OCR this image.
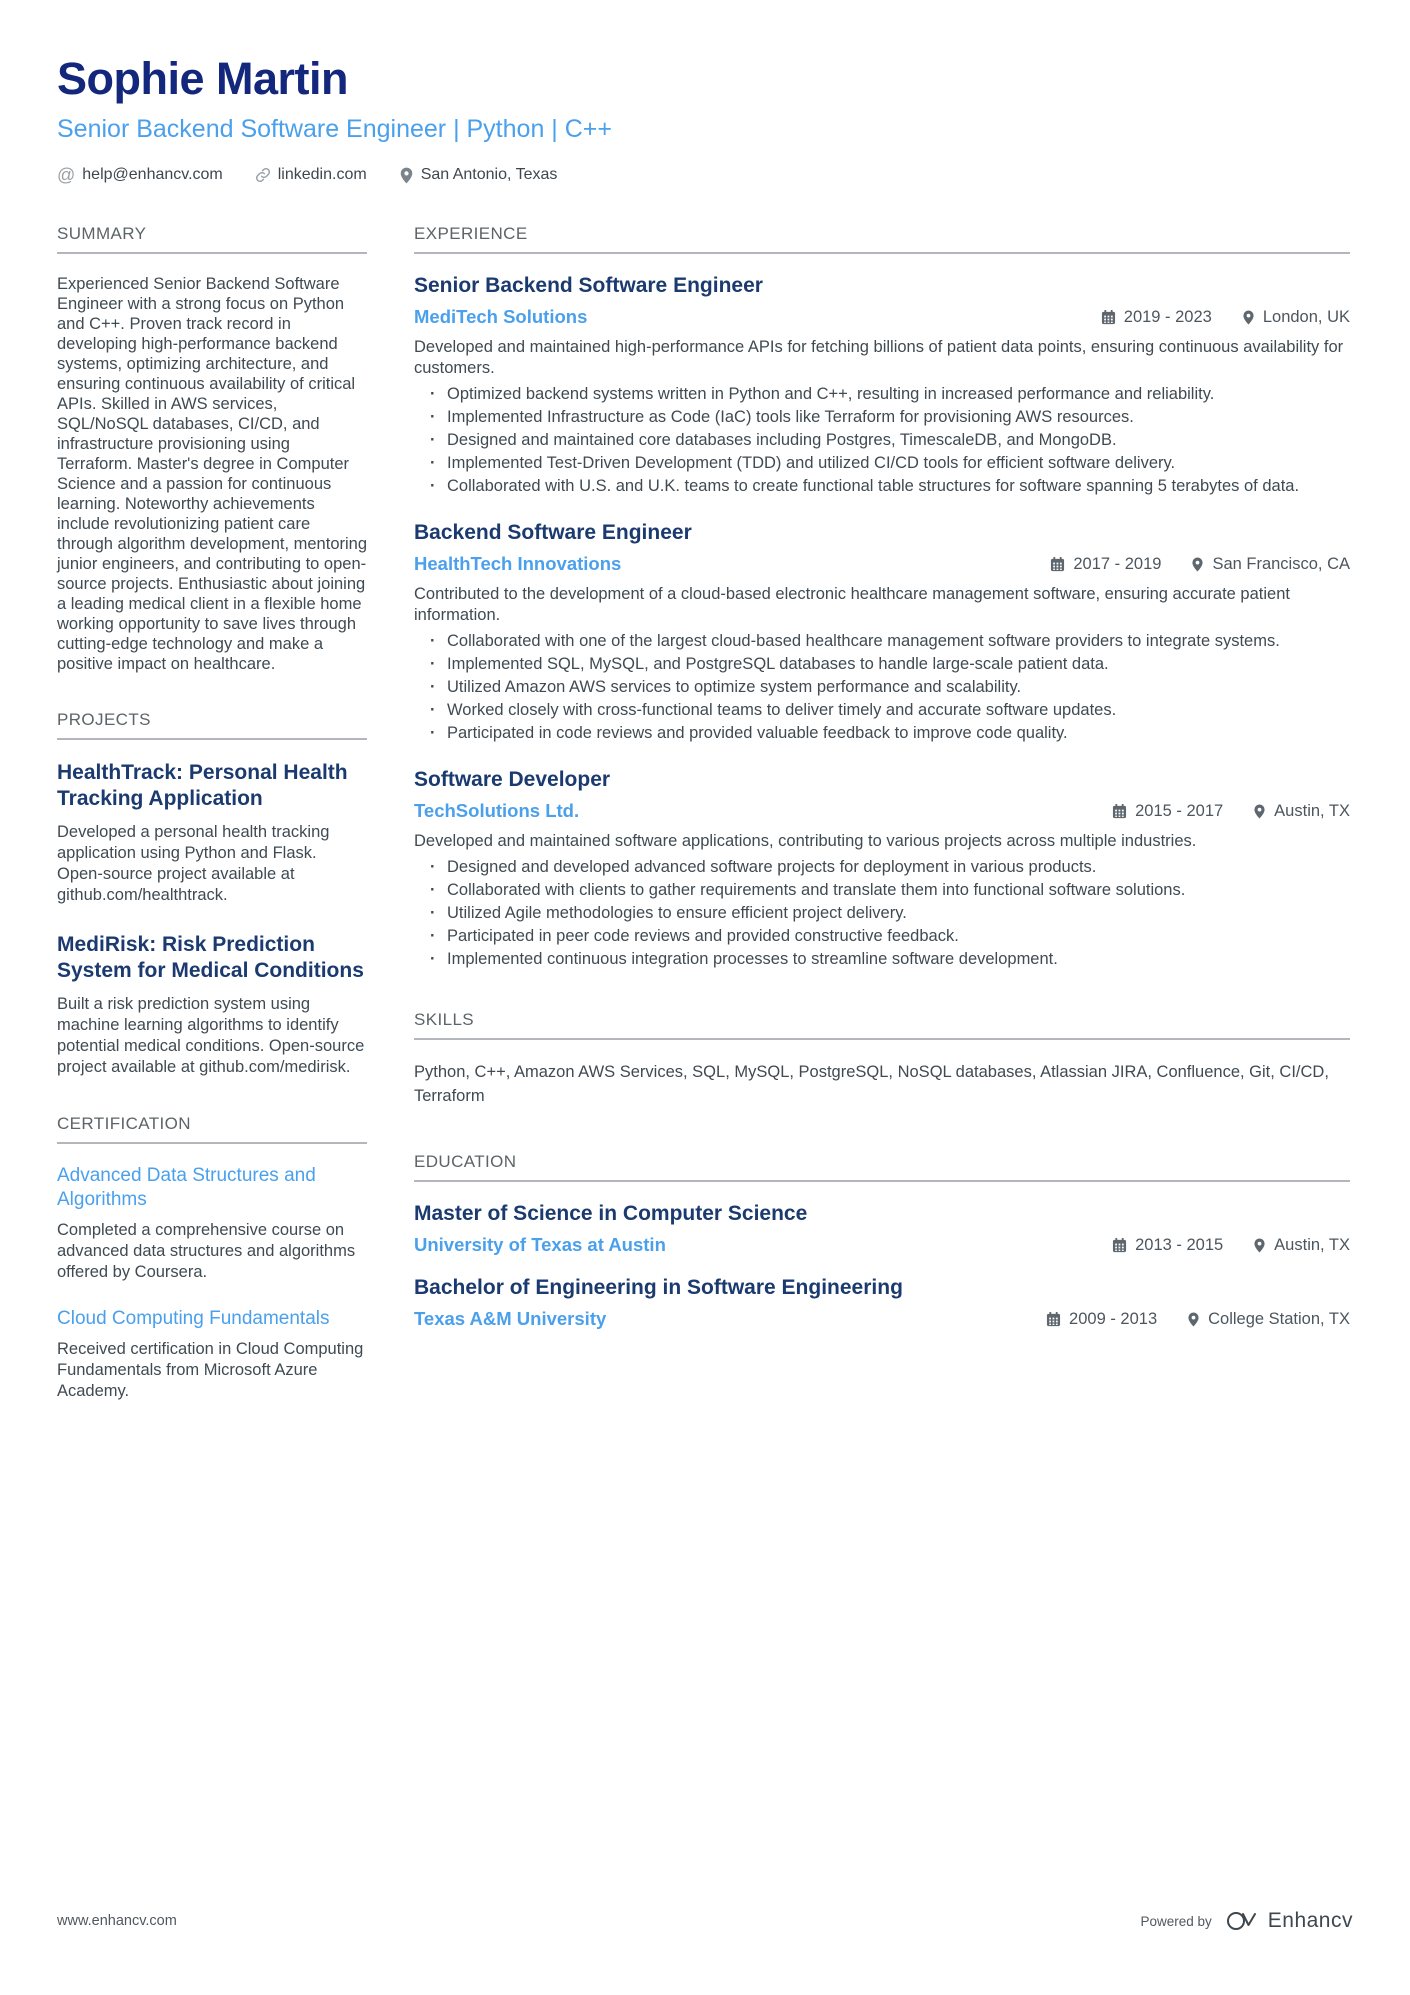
Sophie Martin
Senior Backend Software Engineer | Python | C++
@ help@enhancv.com	linkedin.com	San Antonio, Texas
SUMMARY

Experienced Senior Backend Software Engineer with a strong focus on Python and C++. Proven track record in developing high-performance backend systems, optimizing architecture, and ensuring continuous availability of critical APIs. Skilled in AWS services, SQL/NoSQL databases, CI/CD, and infrastructure provisioning using Terraform. Master's degree in Computer Science and a passion for continuous learning. Noteworthy achievements include revolutionizing patient care through algorithm development, mentoring junior engineers, and contributing to open-source projects. Enthusiastic about joining a leading medical client in a flexible home working opportunity to save lives through cutting-edge technology and make a positive impact on healthcare.

PROJECTS
HealthTrack: Personal Health Tracking Application

Developed a personal health tracking application using Python and Flask. Open-source project available at github.com/healthtrack.

MediRisk: Risk Prediction System for Medical Conditions

Built a risk prediction system using machine learning algorithms to identify potential medical conditions. Open-source project available at github.com/medirisk.

CERTIFICATION
Advanced Data Structures and Algorithms

Completed a comprehensive course on advanced data structures and algorithms offered by Coursera.

Cloud Computing Fundamentals

Received certification in Cloud Computing Fundamentals from Microsoft Azure Academy.

EXPERIENCE
Senior Backend Software Engineer
MediTech Solutions	2019 - 2023	London, UK

Developed and maintained high-performance APIs for fetching billions of patient data points, ensuring continuous availability for customers.

· Optimized backend systems written in Python and C++, resulting in increased performance and reliability.
· Implemented Infrastructure as Code (IaC) tools like Terraform for provisioning AWS resources.
· Designed and maintained core databases including Postgres, TimescaleDB, and MongoDB.
· Implemented Test-Driven Development (TDD) and utilized CI/CD tools for efficient software delivery.
· Collaborated with U.S. and U.K. teams to create functional table structures for software spanning 5 terabytes of data.
Backend Software Engineer
HealthTech Innovations	2017 - 2019	San Francisco, CA

Contributed to the development of a cloud-based electronic healthcare management software, ensuring accurate patient information.

· Collaborated with one of the largest cloud-based healthcare management software providers to integrate systems.
· Implemented SQL, MySQL, and PostgreSQL databases to handle large-scale patient data.
· Utilized Amazon AWS services to optimize system performance and scalability.
· Worked closely with cross-functional teams to deliver timely and accurate software updates.
· Participated in code reviews and provided valuable feedback to improve code quality.
Software Developer
TechSolutions Ltd.	2015 - 2017	Austin, TX

Developed and maintained software applications, contributing to various projects across multiple industries.

· Designed and developed advanced software projects for deployment in various products.
· Collaborated with clients to gather requirements and translate them into functional software solutions.
· Utilized Agile methodologies to ensure efficient project delivery.
· Participated in peer code reviews and provided constructive feedback.
· Implemented continuous integration processes to streamline software development.
SKILLS

Python, C++, Amazon AWS Services, SQL, MySQL, PostgreSQL, NoSQL databases, Atlassian JIRA, Confluence, Git, CI/CD, Terraform

EDUCATION
Master of Science in Computer Science
University of Texas at Austin	2013 - 2015	Austin, TX
Bachelor of Engineering in Software Engineering
Texas A&M University	2009 - 2013	College Station, TX
www.enhancv.com	Powered by	Enhancv
